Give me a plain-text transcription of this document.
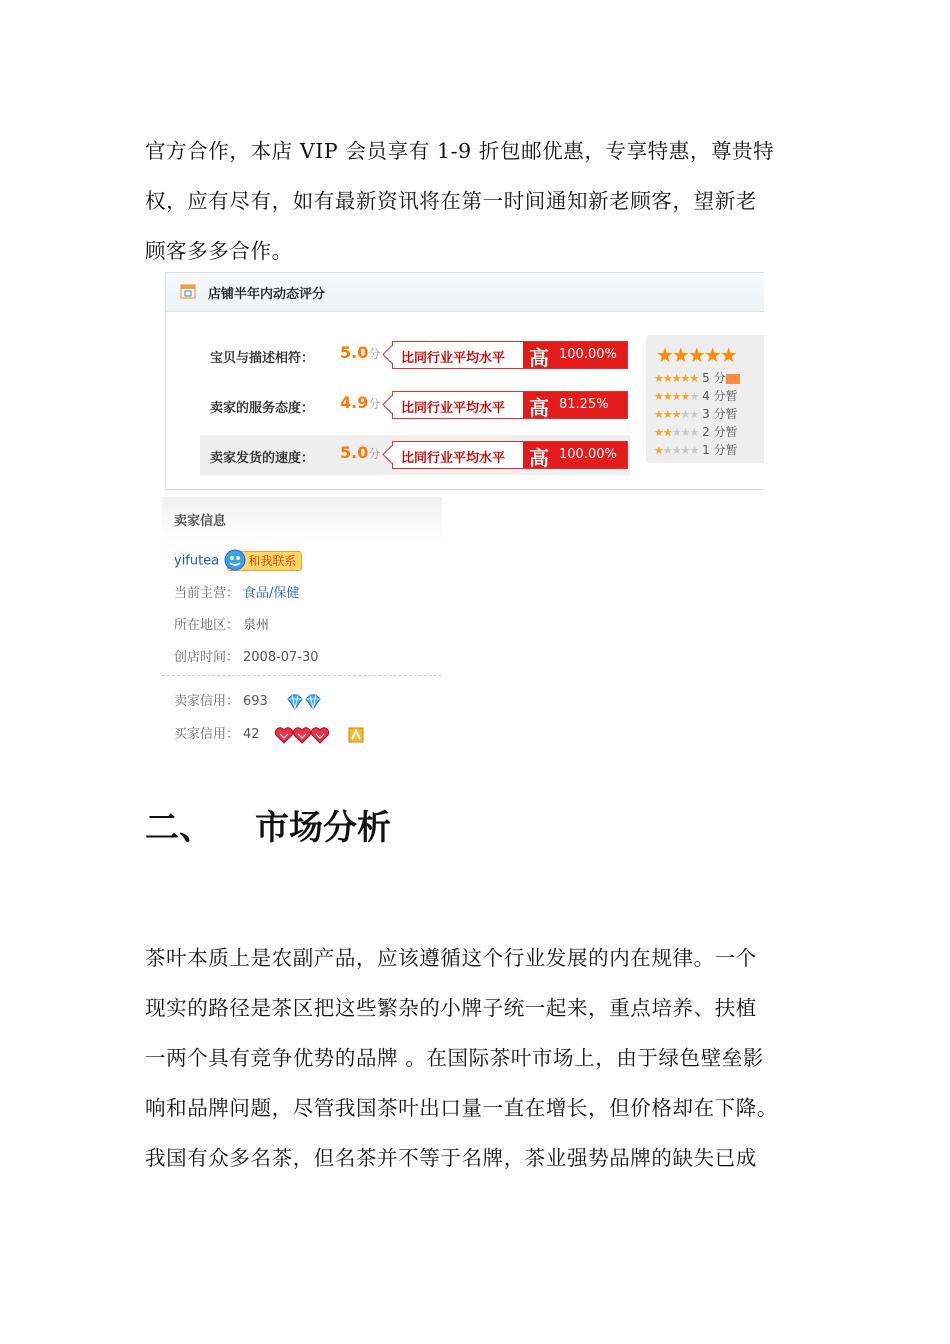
官方合作，本店 VIP 会员享有 1-9 折包邮优惠，专享特惠，尊贵特

权，应有尽有，如有最新资讯将在第一时间通知新老顾客，望新老

顾客多多合作。

店铺半年内动态评分
宝贝与描述相符： 5.0分 比同行业平均水平 高 100.00%
卖家的服务态度： 4.9分 比同行业平均水平 高 81.25%
卖家发货的速度： 5.0分 比同行业平均水平 高 100.00%
★★★★★
★★★★★ 5 分
★★★★★ 4 分暂
★★★★★ 3 分暂
★★★★★ 2 分暂
★★★★★ 1 分暂
卖家信息
yifutea 和我联系
当前主营： 食品/保健
所在地区： 泉州
创店时间： 2008-07-30
卖家信用： 693
买家信用： 42
二、 市场分析

茶叶本质上是农副产品，应该遵循这个行业发展的内在规律。一个

现实的路径是茶区把这些繁杂的小牌子统一起来，重点培养、扶植

一两个具有竞争优势的品牌 。在国际茶叶市场上，由于绿色壁垒影

响和品牌问题，尽管我国茶叶出口量一直在增长，但价格却在下降。

我国有众多名茶，但名茶并不等于名牌，茶业强势品牌的缺失已成
